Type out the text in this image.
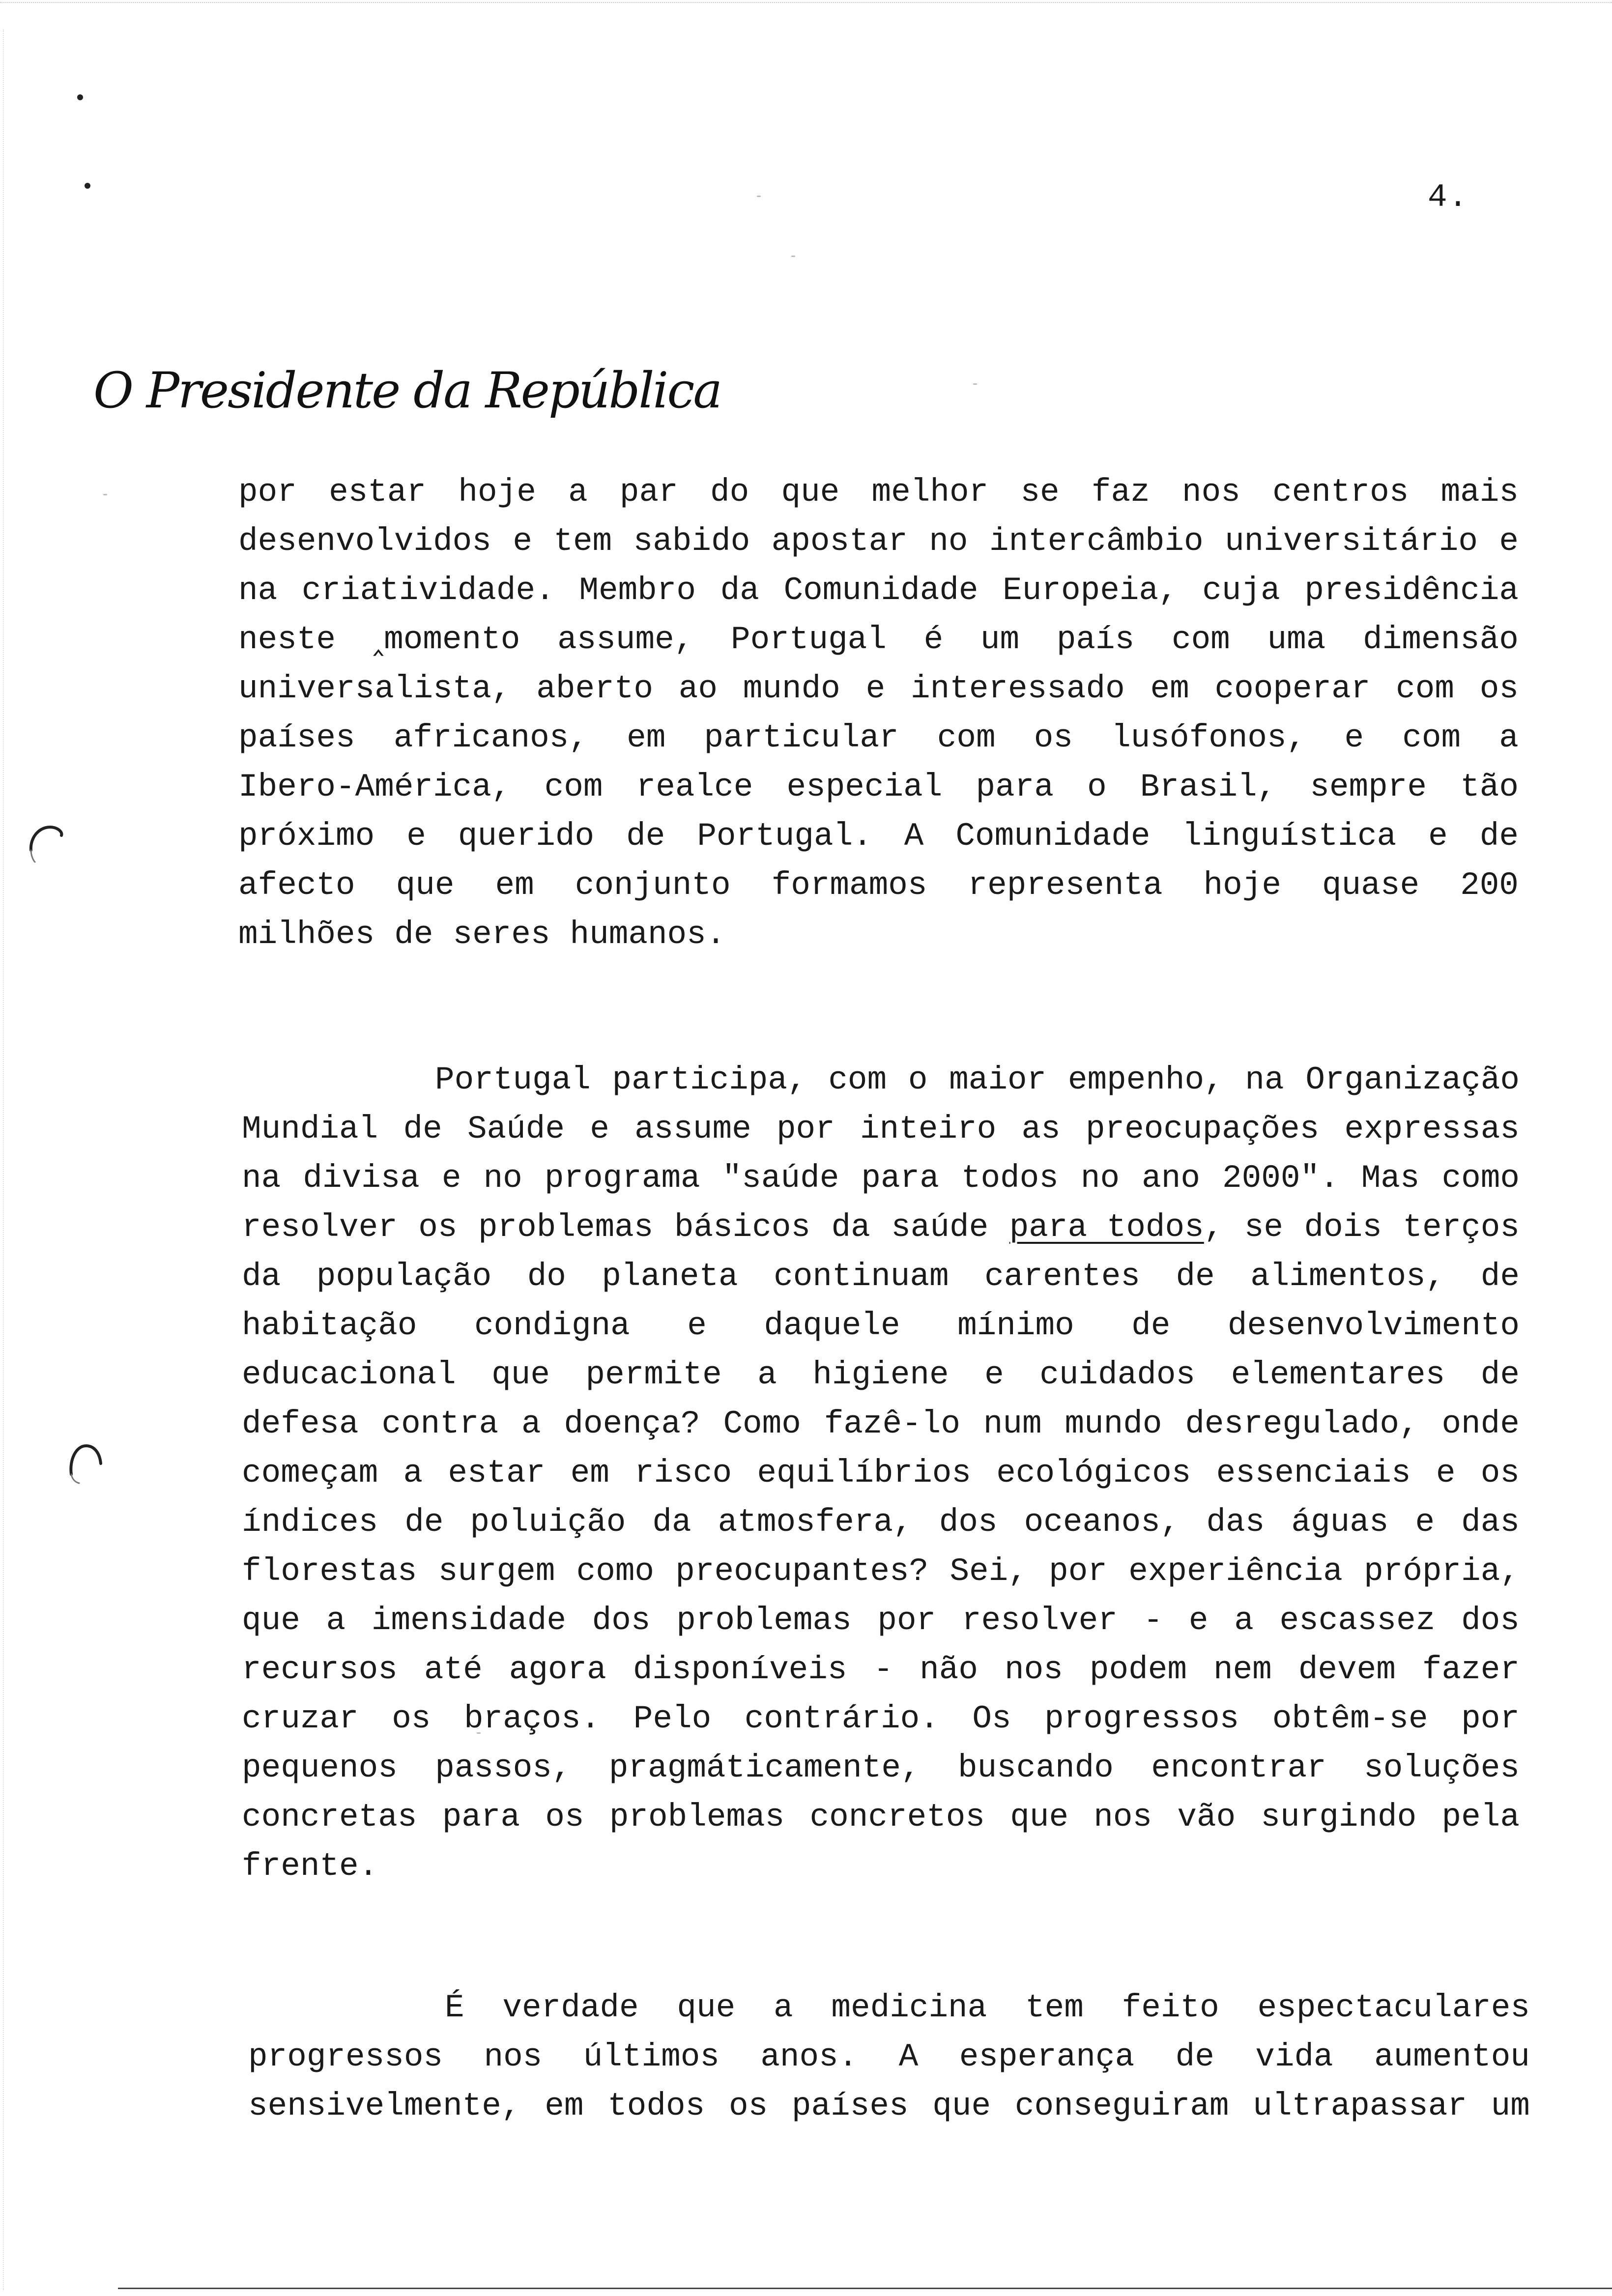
4.
O Presidente da República
por estar hoje a par do que melhor se faz nos centros mais
desenvolvidos e tem sabido apostar no intercâmbio universitário e
na criatividade. Membro da Comunidade Europeia, cuja presidência
neste ‸momento assume, Portugal é um país com uma dimensão
universalista, aberto ao mundo e interessado em cooperar com os
países africanos, em particular com os lusófonos, e com a
Ibero-América, com realce especial para o Brasil, sempre tão
próximo e querido de Portugal. A Comunidade linguística e de
afecto que em conjunto formamos representa hoje quase 200
milhões de seres humanos.
Portugal participa, com o maior empenho, na Organização
Mundial de Saúde e assume por inteiro as preocupações expressas
na divisa e no programa "saúde para todos no ano 2000". Mas como
resolver os problemas básicos da saúde para todos, se dois terços
da população do planeta continuam carentes de alimentos, de
habitação condigna e daquele mínimo de desenvolvimento
educacional que permite a higiene e cuidados elementares de
defesa contra a doença? Como fazê-lo num mundo desregulado, onde
começam a estar em risco equilíbrios ecológicos essenciais e os
índices de poluição da atmosfera, dos oceanos, das águas e das
florestas surgem como preocupantes? Sei, por experiência própria,
que a imensidade dos problemas por resolver - e a escassez dos
recursos até agora disponíveis - não nos podem nem devem fazer
cruzar os braços. Pelo contrário. Os progressos obtêm-se por
pequenos passos, pragmáticamente, buscando encontrar soluções
concretas para os problemas concretos que nos vão surgindo pela
frente.
É verdade que a medicina tem feito espectaculares
progressos nos últimos anos. A esperança de vida aumentou
sensivelmente, em todos os países que conseguiram ultrapassar um
